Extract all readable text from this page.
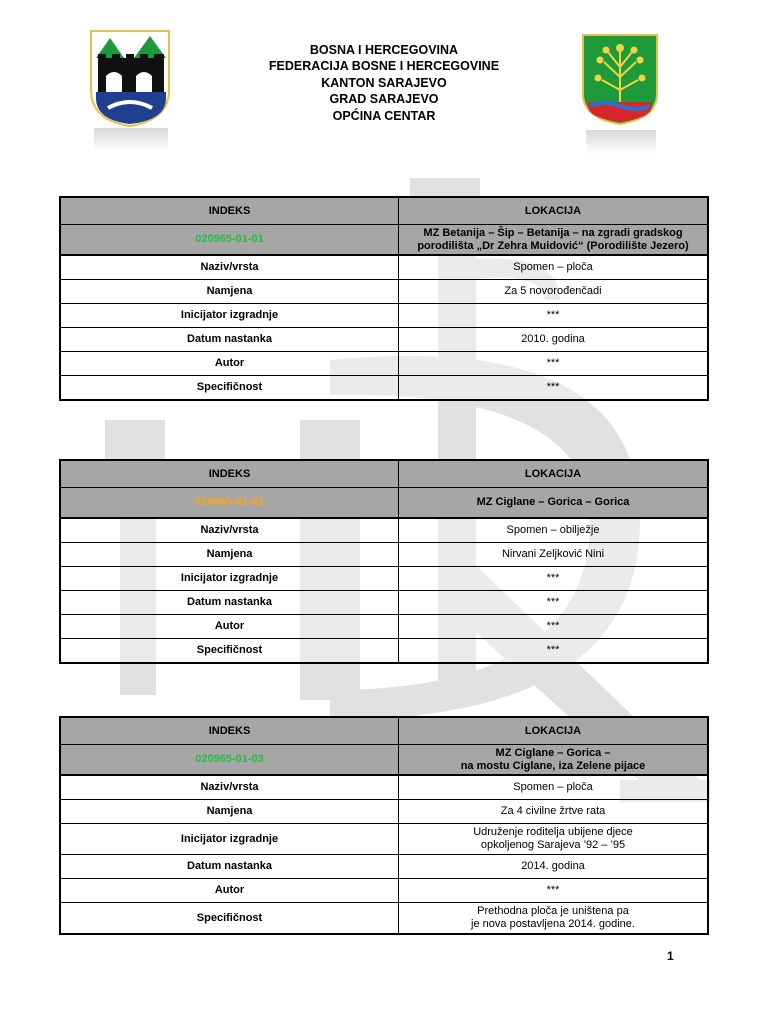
BOSNA I HERCEGOVINA
FEDERACIJA BOSNE I HERCEGOVINE
KANTON SARAJEVO
GRAD SARAJEVO
OPĆINA CENTAR
INDEKS	LOKACIJA
020965-01-01	MZ Betanija – Šip – Betanija – na zgradi gradskog
porodilišta „Dr Zehra Muidović“ (Porodilište Jezero)
Naziv/vrsta	Spomen – ploča
Namjena	Za 5 novorođenčadi
Inicijator izgradnje	***
Datum nastanka	2010. godina
Autor	***
Specifičnost	***
INDEKS	LOKACIJA
020965-01-02	MZ Ciglane – Gorica – Gorica
Naziv/vrsta	Spomen – obilježje
Namjena	Nirvani Zeljković Nini
Inicijator izgradnje	***
Datum nastanka	***
Autor	***
Specifičnost	***
INDEKS	LOKACIJA
020965-01-03	MZ Ciglane – Gorica –
na mostu Ciglane, iza Zelene pijace
Naziv/vrsta	Spomen – ploča
Namjena	Za 4 civilne žrtve rata
Inicijator izgradnje	Udruženje roditelja ubijene djece
opkoljenog Sarajeva ’92 – ’95
Datum nastanka	2014. godina
Autor	***
Specifičnost	Prethodna ploča je uništena pa
je nova postavljena 2014. godine.
1
